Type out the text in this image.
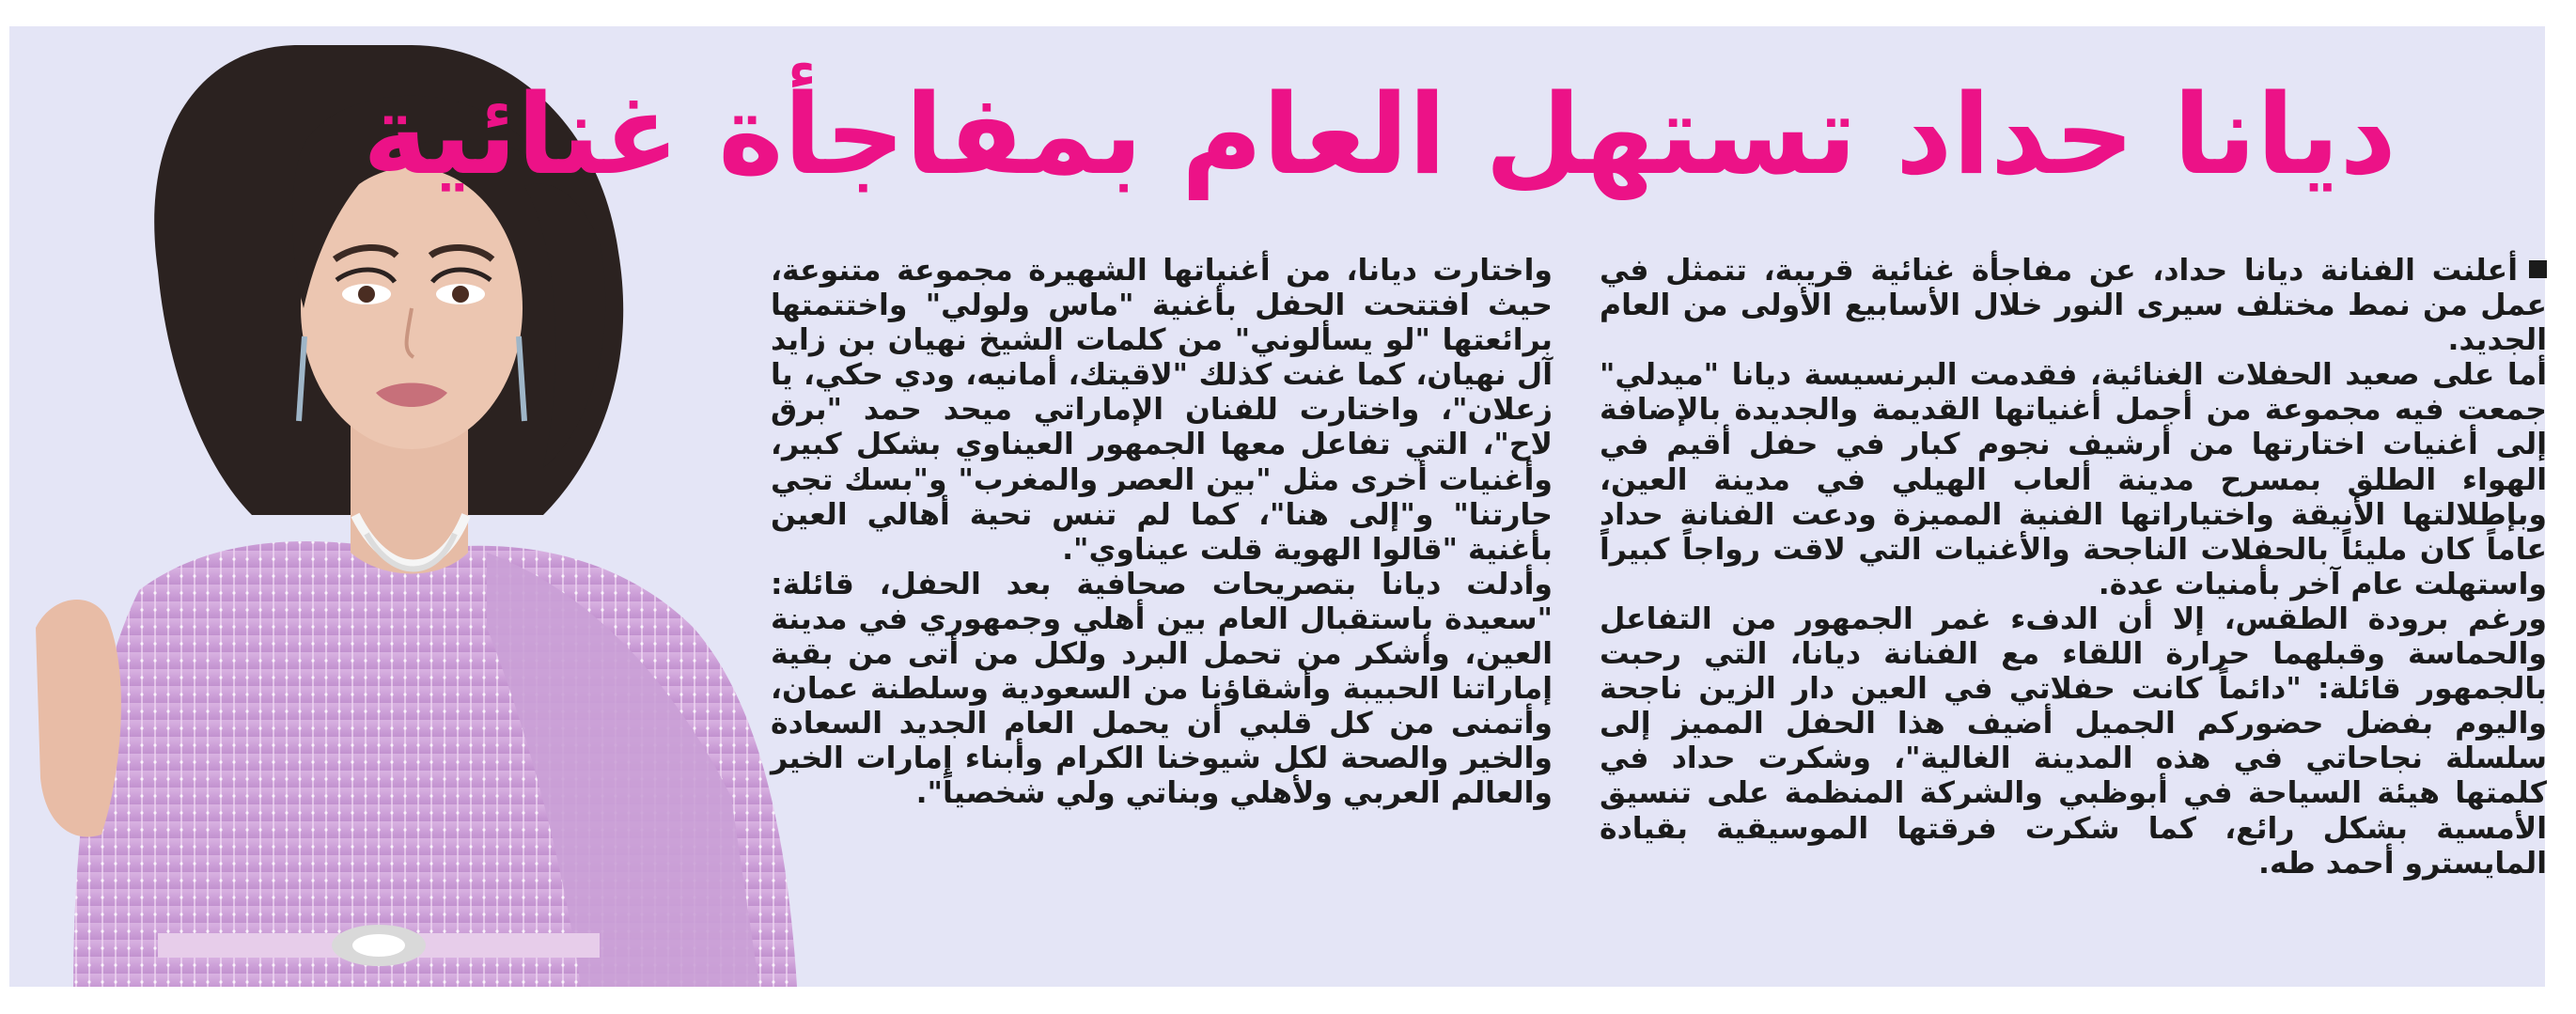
ديانا حداد تستهل العام بمفاجأة غنائية

أعلنت الفنانة ديانا حداد، عن مفاجأة غنائية قريبة، تتمثل في عمل من نمط مختلف سيرى النور خلال الأسابيع الأولى من العام الجديد.

أما على صعيد الحفلات الغنائية، فقدمت البرنسيسة ديانا "ميدلي" جمعت فيه مجموعة من أجمل أغنياتها القديمة والجديدة بالإضافة إلى أغنيات اختارتها من أرشيف نجوم كبار في حفل أقيم في الهواء الطلق بمسرح مدينة ألعاب الهيلي في مدينة العين، وبإطلالتها الأنيقة واختياراتها الفنية المميزة ودعت الفنانة حداد عاماً كان مليئاً بالحفلات الناجحة والأغنيات التي لاقت رواجاً كبيراً واستهلت عام آخر بأمنيات عدة.

ورغم برودة الطقس، إلا أن الدفء غمر الجمهور من التفاعل والحماسة وقبلهما حرارة اللقاء مع الفنانة ديانا، التي رحبت بالجمهور قائلة: "دائماً كانت حفلاتي في العين دار الزين ناجحة واليوم بفضل حضوركم الجميل أضيف هذا الحفل المميز إلى سلسلة نجاحاتي في هذه المدينة الغالية"، وشكرت حداد في كلمتها هيئة السياحة في أبوظبي والشركة المنظمة على تنسيق الأمسية بشكل رائع، كما شكرت فرقتها الموسيقية بقيادة المايسترو أحمد طه.

واختارت ديانا، من أغنياتها الشهيرة مجموعة متنوعة، حيث افتتحت الحفل بأغنية "ماس ولولي" واختتمتها برائعتها "لو يسألوني" من كلمات الشيخ نهيان بن زايد آل نهيان، كما غنت كذلك "لاقيتك، أمانيه، ودي حكي، يا زعلان"، واختارت للفنان الإماراتي ميحد حمد "برق لاح"، التي تفاعل معها الجمهور العيناوي بشكل كبير، وأغنيات أخرى مثل "بين العصر والمغرب" و"بسك تجي حارتنا" و"إلى هنا"، كما لم تنس تحية أهالي العين بأغنية "قالوا الهوية قلت عيناوي".

وأدلت ديانا بتصريحات صحافية بعد الحفل، قائلة: "سعيدة باستقبال العام بين أهلي وجمهوري في مدينة العين، وأشكر من تحمل البرد ولكل من أتى من بقية إماراتنا الحبيبة وأشقاؤنا من السعودية وسلطنة عمان، وأتمنى من كل قلبي أن يحمل العام الجديد السعادة والخير والصحة لكل شيوخنا الكرام وأبناء إمارات الخير والعالم العربي ولأهلي وبناتي ولي شخصياً".
